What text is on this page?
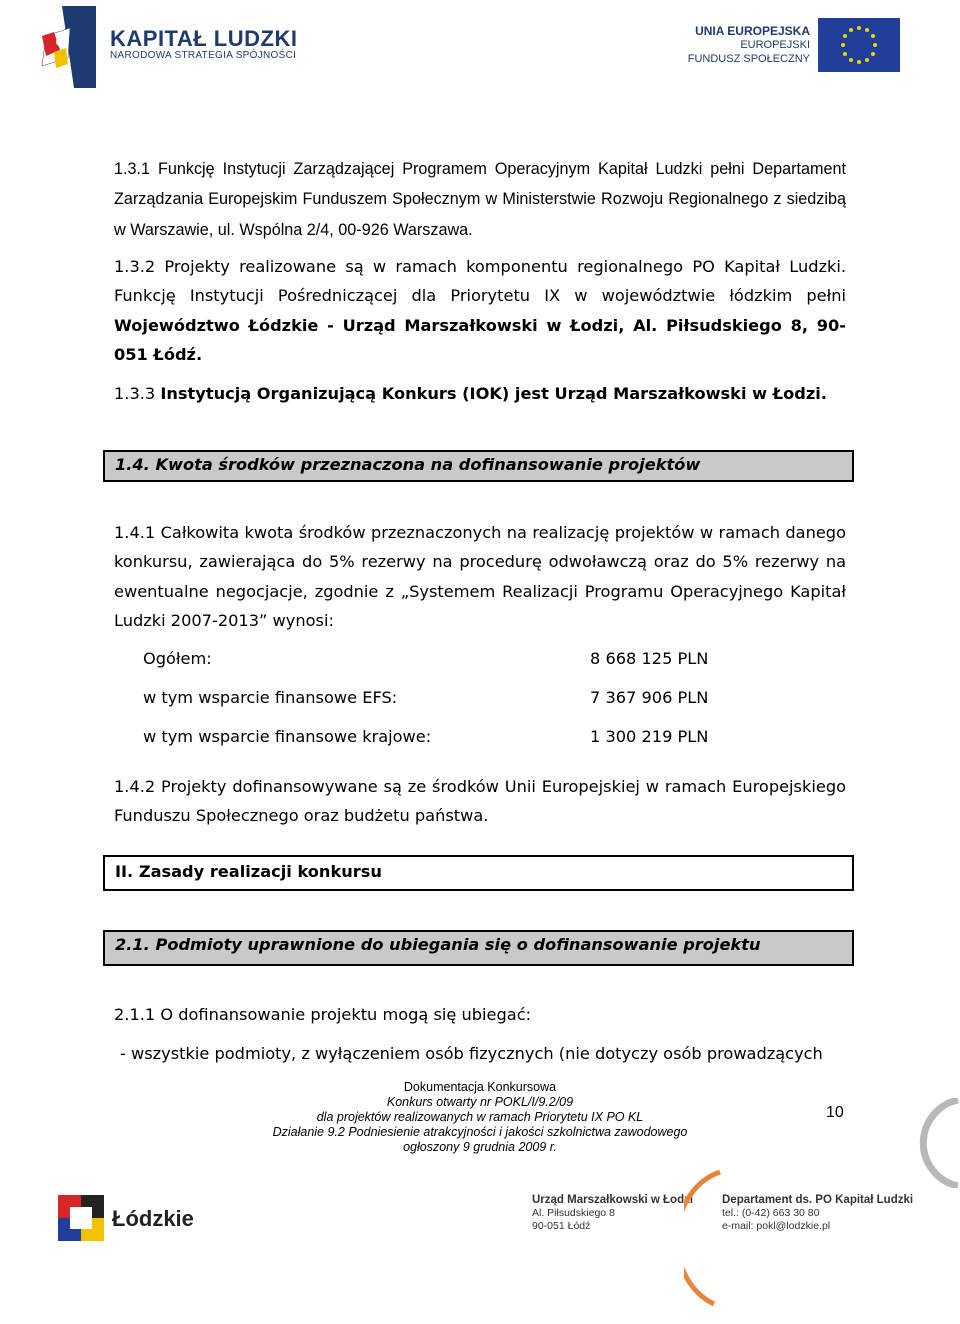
KAPITAŁ LUDZKI
NARODOWA STRATEGIA SPÓJNOŚCI
UNIA EUROPEJSKA
EUROPEJSKI
FUNDUSZ SPOŁECZNY
1.3.1 Funkcję Instytucji Zarządzającej Programem Operacyjnym Kapitał Ludzki pełni Departament Zarządzania Europejskim Funduszem Społecznym w Ministerstwie Rozwoju Regionalnego z siedzibą w Warszawie, ul. Wspólna 2/4, 00-926 Warszawa.
1.3.2 Projekty realizowane są w ramach komponentu regionalnego PO Kapitał Ludzki. Funkcję Instytucji Pośredniczącej dla Priorytetu IX w województwie łódzkim pełni Województwo Łódzkie - Urząd Marszałkowski w Łodzi, Al. Piłsudskiego 8, 90-051 Łódź.
1.3.3 Instytucją Organizującą Konkurs (IOK) jest Urząd Marszałkowski w Łodzi.
1.4. Kwota środków przeznaczona na dofinansowanie projektów
1.4.1 Całkowita kwota środków przeznaczonych na realizację projektów w ramach danego konkursu, zawierająca do 5% rezerwy na procedurę odwoławczą oraz do 5% rezerwy na ewentualne negocjacje, zgodnie z „Systemem Realizacji Programu Operacyjnego Kapitał Ludzki 2007-2013” wynosi:
Ogółem:	8 668 125 PLN
w tym wsparcie finansowe EFS:	7 367 906 PLN
w tym wsparcie finansowe krajowe:	1 300 219 PLN
1.4.2 Projekty dofinansowywane są ze środków Unii Europejskiej w ramach Europejskiego Funduszu Społecznego oraz budżetu państwa.
II. Zasady realizacji konkursu
2.1. Podmioty uprawnione do ubiegania się o dofinansowanie projektu
2.1.1 O dofinansowanie projektu mogą się ubiegać:
- wszystkie podmioty, z wyłączeniem osób fizycznych (nie dotyczy osób prowadzących
Dokumentacja Konkursowa
Konkurs otwarty nr POKL/I/9.2/09
dla projektów realizowanych w ramach Priorytetu IX PO KL
Działanie 9.2 Podniesienie atrakcyjności i jakości szkolnictwa zawodowego
ogłoszony 9 grudnia 2009 r.
10
Łódzkie
Urząd Marszałkowski w Łodzi
Al. Piłsudskiego 8
90-051 Łódź
Departament ds. PO Kapitał Ludzki
tel.: (0-42) 663 30 80
e-mail: pokl@lodzkie.pl
